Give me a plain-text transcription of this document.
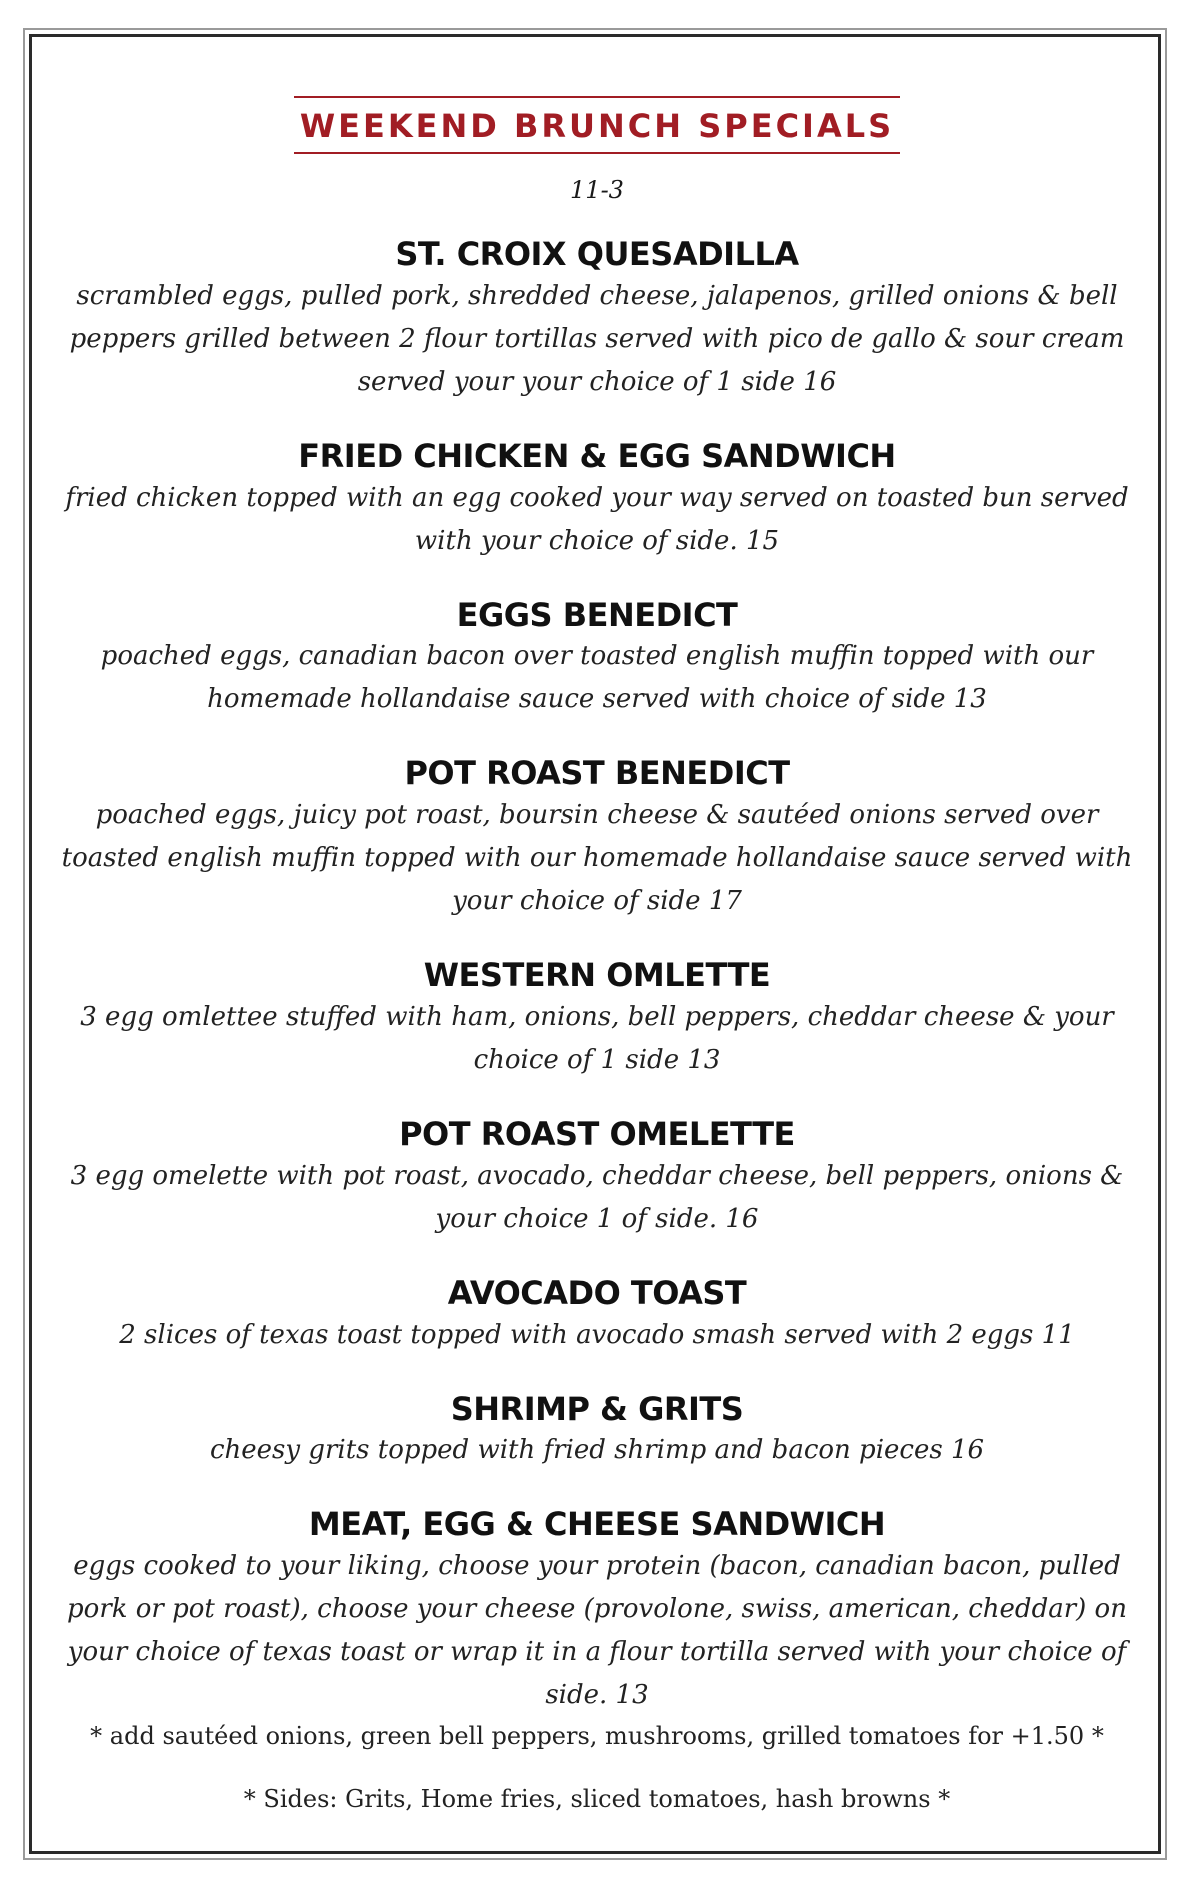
WEEKEND BRUNCH SPECIALS

11-3

ST. CROIX QUESADILLA

scrambled eggs, pulled pork, shredded cheese, jalapenos, grilled onions & bell peppers grilled between 2 flour tortillas served with pico de gallo & sour cream served your your choice of 1 side 16

FRIED CHICKEN & EGG SANDWICH

fried chicken topped with an egg cooked your way served on toasted bun served with your choice of side. 15

EGGS BENEDICT

poached eggs, canadian bacon over toasted english muffin topped with our homemade hollandaise sauce served with choice of side 13

POT ROAST BENEDICT

poached eggs, juicy pot roast, boursin cheese & sautéed onions served over toasted english muffin topped with our homemade hollandaise sauce served with your choice of side 17

WESTERN OMLETTE

3 egg omlettee stuffed with ham, onions, bell peppers, cheddar cheese & your choice of 1 side 13

POT ROAST OMELETTE

3 egg omelette with pot roast, avocado, cheddar cheese, bell peppers, onions & your choice 1 of side. 16

AVOCADO TOAST

2 slices of texas toast topped with avocado smash served with 2 eggs 11

SHRIMP & GRITS

cheesy grits topped with fried shrimp and bacon pieces 16

MEAT, EGG & CHEESE SANDWICH

eggs cooked to your liking, choose your protein (bacon, canadian bacon, pulled pork or pot roast), choose your cheese (provolone, swiss, american, cheddar) on your choice of texas toast or wrap it in a flour tortilla served with your choice of side. 13

* add sautéed onions, green bell peppers, mushrooms, grilled tomatoes for +1.50 *

* Sides: Grits, Home fries, sliced tomatoes, hash browns *
